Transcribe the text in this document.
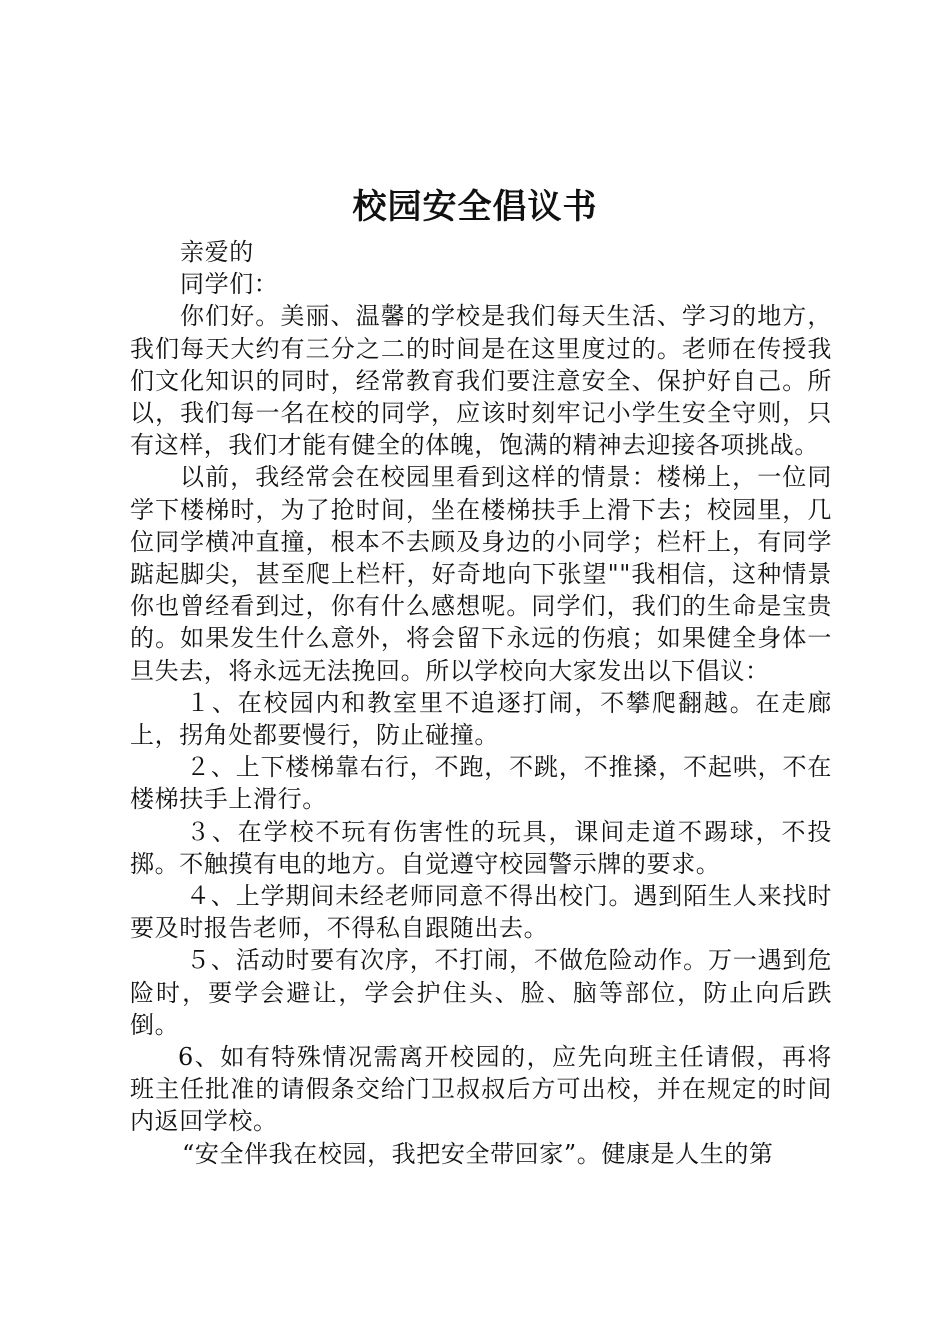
校园安全倡议书

亲爱的

同学们：

你们好。美丽、温馨的学校是我们每天生活、学习的地方，我们每天大约有三分之二的时间是在这里度过的。老师在传授我们文化知识的同时，经常教育我们要注意安全、保护好自己。所以，我们每一名在校的同学，应该时刻牢记小学生安全守则，只有这样，我们才能有健全的体魄，饱满的精神去迎接各项挑战。

以前，我经常会在校园里看到这样的情景：楼梯上，一位同学下楼梯时，为了抢时间，坐在楼梯扶手上滑下去；校园里，几位同学横冲直撞，根本不去顾及身边的小同学；栏杆上，有同学踮起脚尖，甚至爬上栏杆，好奇地向下张望""我相信，这种情景你也曾经看到过，你有什么感想呢。同学们，我们的生命是宝贵的。如果发生什么意外，将会留下永远的伤痕；如果健全身体一旦失去，将永远无法挽回。所以学校向大家发出以下倡议：

１、在校园内和教室里不追逐打闹，不攀爬翻越。在走廊上，拐角处都要慢行，防止碰撞。

２、上下楼梯靠右行，不跑，不跳，不推搡，不起哄，不在楼梯扶手上滑行。

３、在学校不玩有伤害性的玩具，课间走道不踢球，不投掷。不触摸有电的地方。自觉遵守校园警示牌的要求。

４、上学期间未经老师同意不得出校门。遇到陌生人来找时要及时报告老师，不得私自跟随出去。

５、活动时要有次序，不打闹，不做危险动作。万一遇到危险时，要学会避让，学会护住头、脸、脑等部位，防止向后跌倒。

6、如有特殊情况需离开校园的，应先向班主任请假，再将班主任批准的请假条交给门卫叔叔后方可出校，并在规定的时间内返回学校。

“安全伴我在校园，我把安全带回家”。健康是人生的第
